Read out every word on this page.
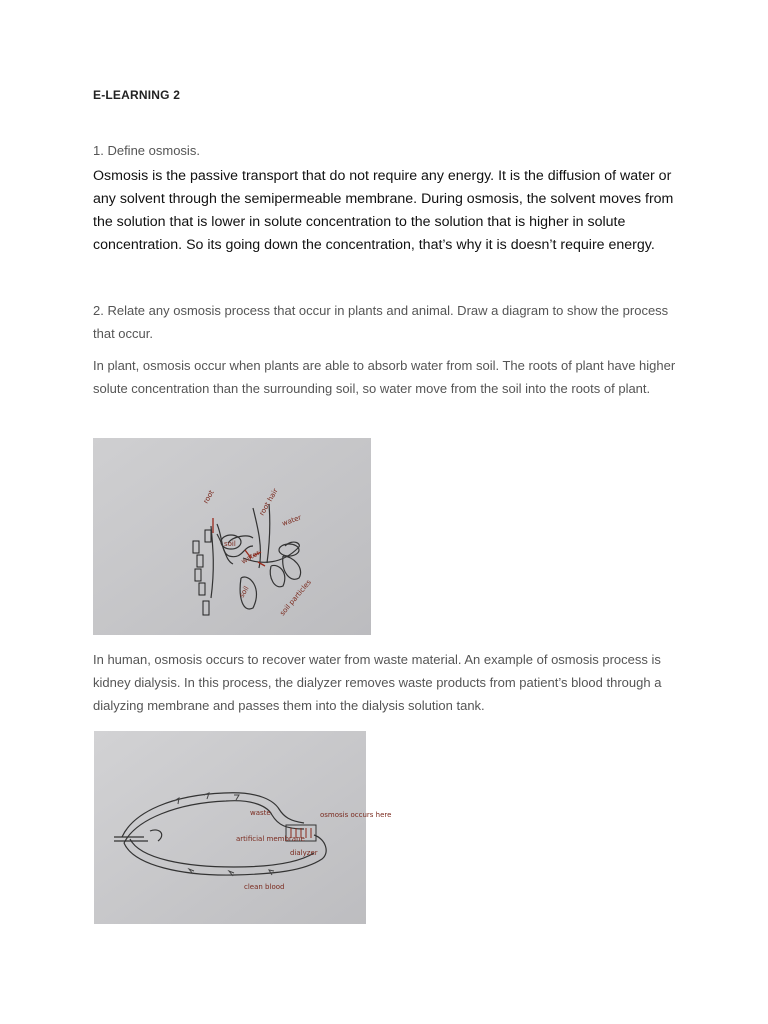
E-LEARNING 2
1. Define osmosis.
Osmosis is the passive transport that do not require any energy. It is the diffusion of water or any solvent through the semipermeable membrane. During osmosis, the solvent moves from the solution that is lower in solute concentration to the solution that is higher in solute concentration. So its going down the concentration, that’s why it is doesn’t require energy.
2. Relate any osmosis process that occur in plants and animal. Draw a diagram to show the process that occur.
In plant, osmosis occur when plants are able to absorb water from soil. The roots of plant have higher solute concentration than the surrounding soil, so water move from the soil into the roots of plant.
root	root hair
water
soil
soil
water
soil particles
In human, osmosis occurs to recover water from waste material. An example of osmosis process is kidney dialysis. In this process, the dialyzer removes waste products from patient’s blood through a dialyzing membrane and passes them into the dialysis solution tank.
waste	osmosis occurs here
artificial membrane
dialyzer
clean blood
